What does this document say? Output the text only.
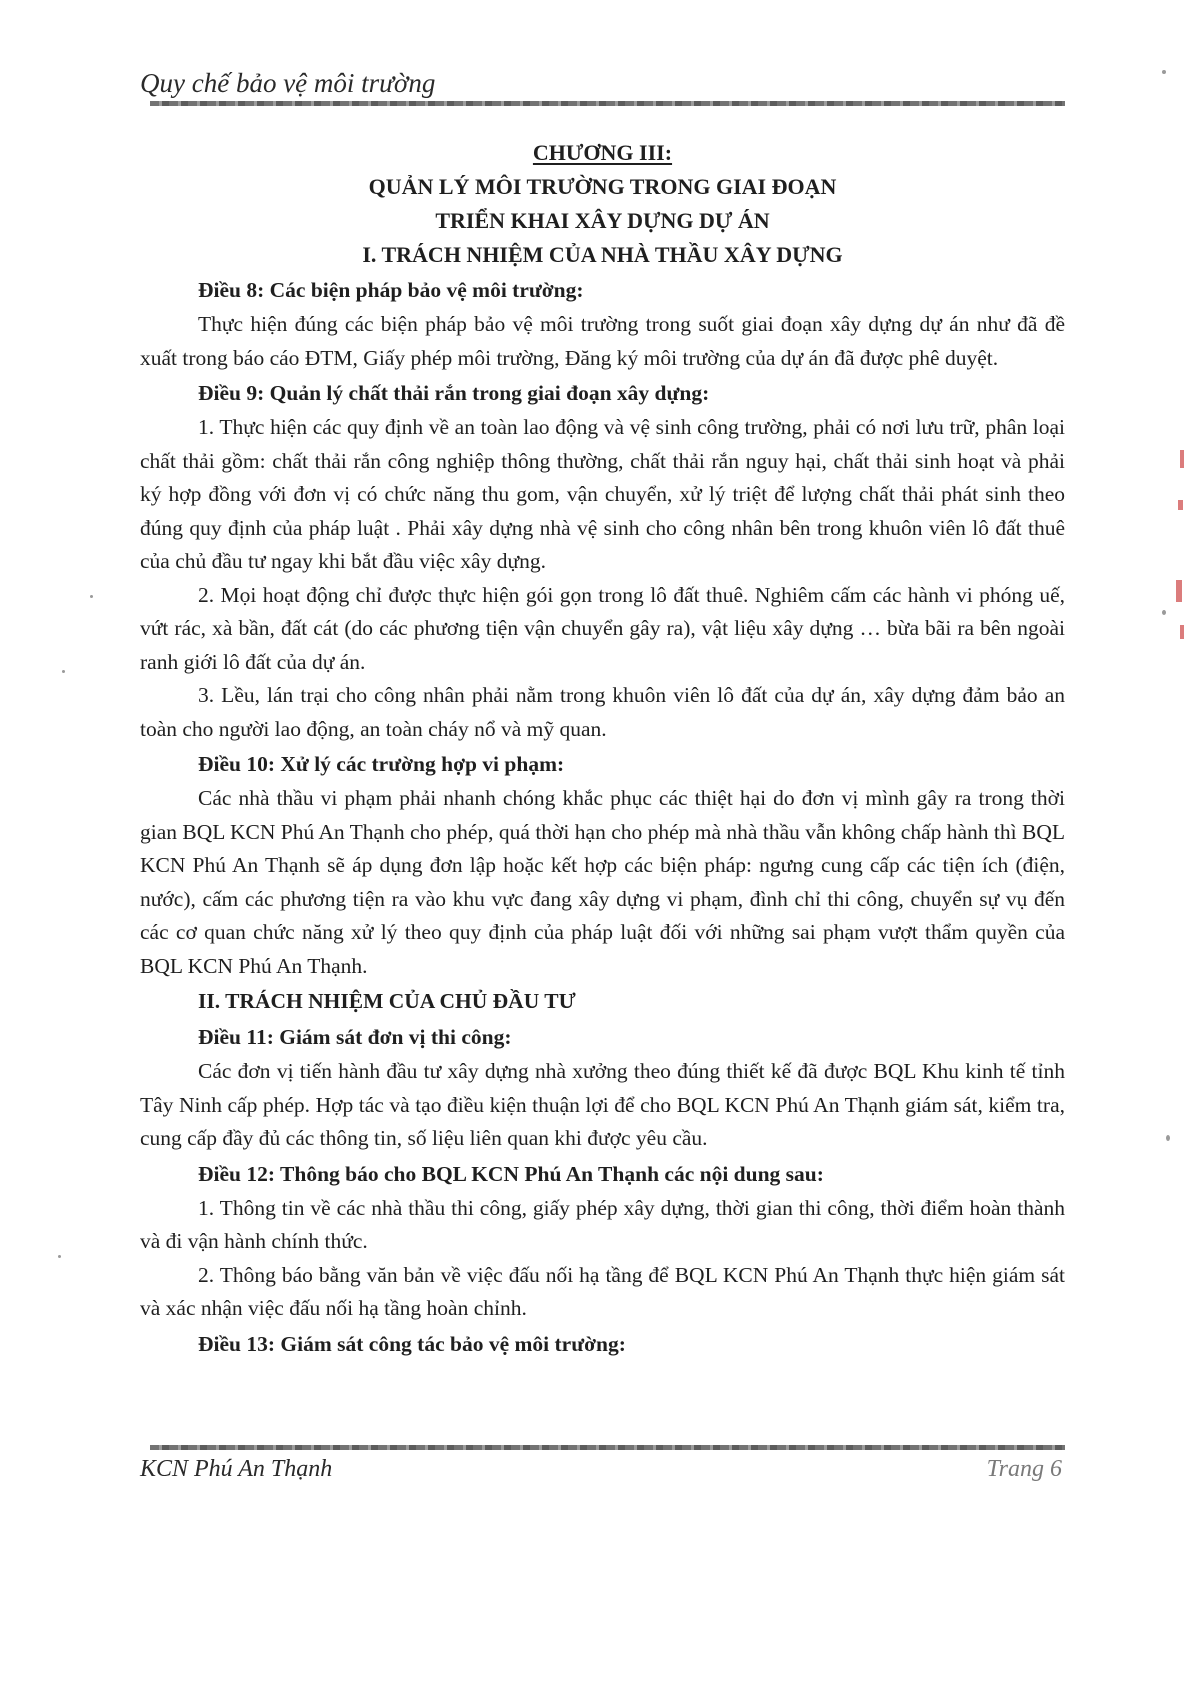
Quy chế bảo vệ môi trường

CHƯƠNG III:

QUẢN LÝ MÔI TRƯỜNG TRONG GIAI ĐOẠN

TRIỂN KHAI XÂY DỰNG DỰ ÁN

I. TRÁCH NHIỆM CỦA NHÀ THẦU XÂY DỰNG

Điều 8: Các biện pháp bảo vệ môi trường:

Thực hiện đúng các biện pháp bảo vệ môi trường trong suốt giai đoạn xây dựng dự án như đã đề xuất trong báo cáo ĐTM, Giấy phép môi trường, Đăng ký môi trường của dự án đã được phê duyệt.

Điều 9: Quản lý chất thải rắn trong giai đoạn xây dựng:

1. Thực hiện các quy định về an toàn lao động và vệ sinh công trường, phải có nơi lưu trữ, phân loại chất thải gồm: chất thải rắn công nghiệp thông thường, chất thải rắn nguy hại, chất thải sinh hoạt và phải ký hợp đồng với đơn vị có chức năng thu gom, vận chuyển, xử lý triệt để lượng chất thải phát sinh theo đúng quy định của pháp luật . Phải xây dựng nhà vệ sinh cho công nhân bên trong khuôn viên lô đất thuê của chủ đầu tư ngay khi bắt đầu việc xây dựng.

2. Mọi hoạt động chỉ được thực hiện gói gọn trong lô đất thuê. Nghiêm cấm các hành vi phóng uế, vứt rác, xà bần, đất cát (do các phương tiện vận chuyển gây ra), vật liệu xây dựng … bừa bãi ra bên ngoài ranh giới lô đất của dự án.

3. Lều, lán trại cho công nhân phải nằm trong khuôn viên lô đất của dự án, xây dựng đảm bảo an toàn cho người lao động, an toàn cháy nổ và mỹ quan.

Điều 10: Xử lý các trường hợp vi phạm:

Các nhà thầu vi phạm phải nhanh chóng khắc phục các thiệt hại do đơn vị mình gây ra trong thời gian BQL KCN Phú An Thạnh cho phép, quá thời hạn cho phép mà nhà thầu vẫn không chấp hành thì BQL KCN Phú An Thạnh sẽ áp dụng đơn lập hoặc kết hợp các biện pháp: ngưng cung cấp các tiện ích (điện, nước), cấm các phương tiện ra vào khu vực đang xây dựng vi phạm, đình chỉ thi công, chuyển sự vụ đến các cơ quan chức năng xử lý theo quy định của pháp luật đối với những sai phạm vượt thẩm quyền của BQL KCN Phú An Thạnh.

II. TRÁCH NHIỆM CỦA CHỦ ĐẦU TƯ

Điều 11: Giám sát đơn vị thi công:

Các đơn vị tiến hành đầu tư xây dựng nhà xưởng theo đúng thiết kế đã được BQL Khu kinh tế tỉnh Tây Ninh cấp phép. Hợp tác và tạo điều kiện thuận lợi để cho BQL KCN Phú An Thạnh giám sát, kiểm tra, cung cấp đầy đủ các thông tin, số liệu liên quan khi được yêu cầu.

Điều 12: Thông báo cho BQL KCN Phú An Thạnh các nội dung sau:

1. Thông tin về các nhà thầu thi công, giấy phép xây dựng, thời gian thi công, thời điểm hoàn thành và đi vận hành chính thức.

2. Thông báo bằng văn bản về việc đấu nối hạ tầng để BQL KCN Phú An Thạnh thực hiện giám sát và xác nhận việc đấu nối hạ tầng hoàn chỉnh.

Điều 13: Giám sát công tác bảo vệ môi trường:

KCN Phú An Thạnh	Trang 6
